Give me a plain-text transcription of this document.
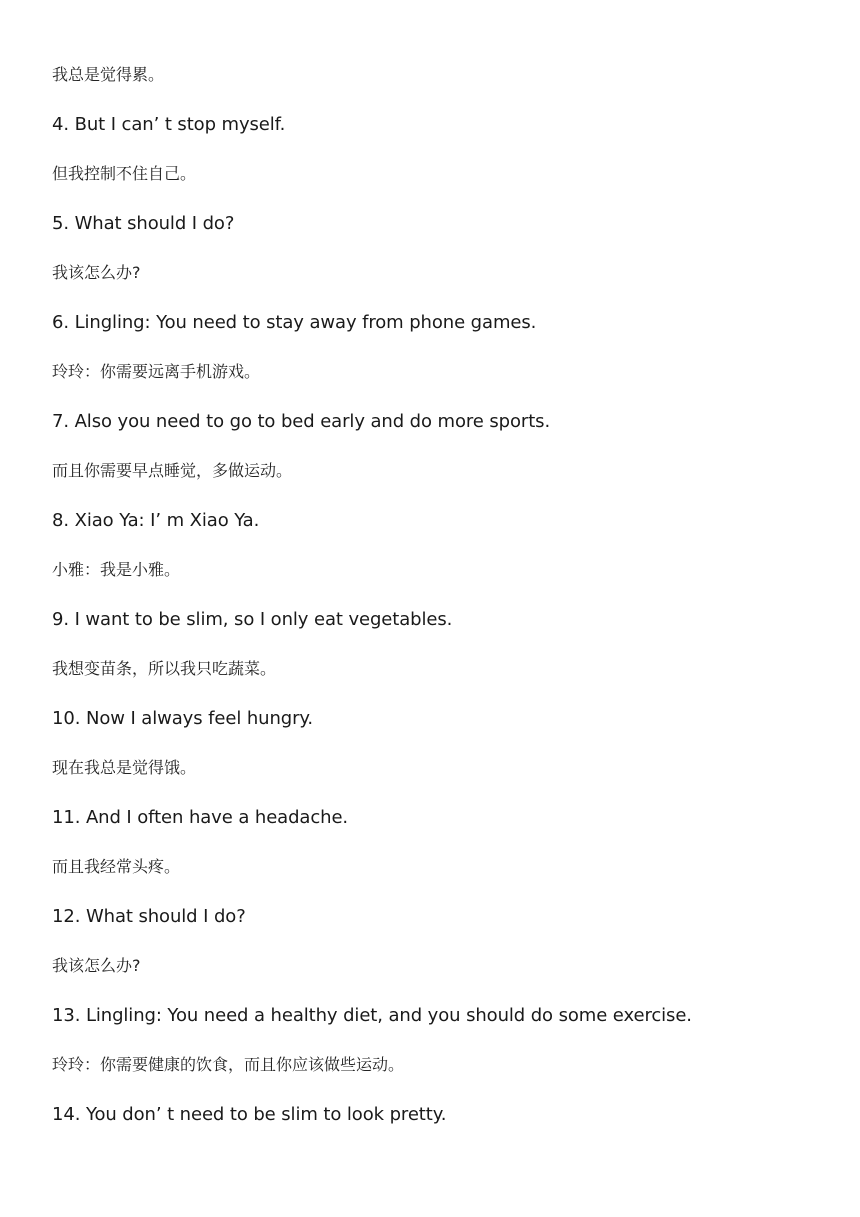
我总是觉得累。

4. But I can’ t stop myself.

但我控制不住自己。

5. What should I do?

我该怎么办?

6. Lingling: You need to stay away from phone games.

玲玲：你需要远离手机游戏。

7. Also you need to go to bed early and do more sports.

而且你需要早点睡觉，多做运动。

8. Xiao Ya: I’ m Xiao Ya.

小雅：我是小雅。

9. I want to be slim, so I only eat vegetables.

我想变苗条，所以我只吃蔬菜。

10. Now I always feel hungry.

现在我总是觉得饿。

11. And I often have a headache.

而且我经常头疼。

12. What should I do?

我该怎么办?

13. Lingling: You need a healthy diet, and you should do some exercise.

玲玲：你需要健康的饮食，而且你应该做些运动。

14. You don’ t need to be slim to look pretty.
